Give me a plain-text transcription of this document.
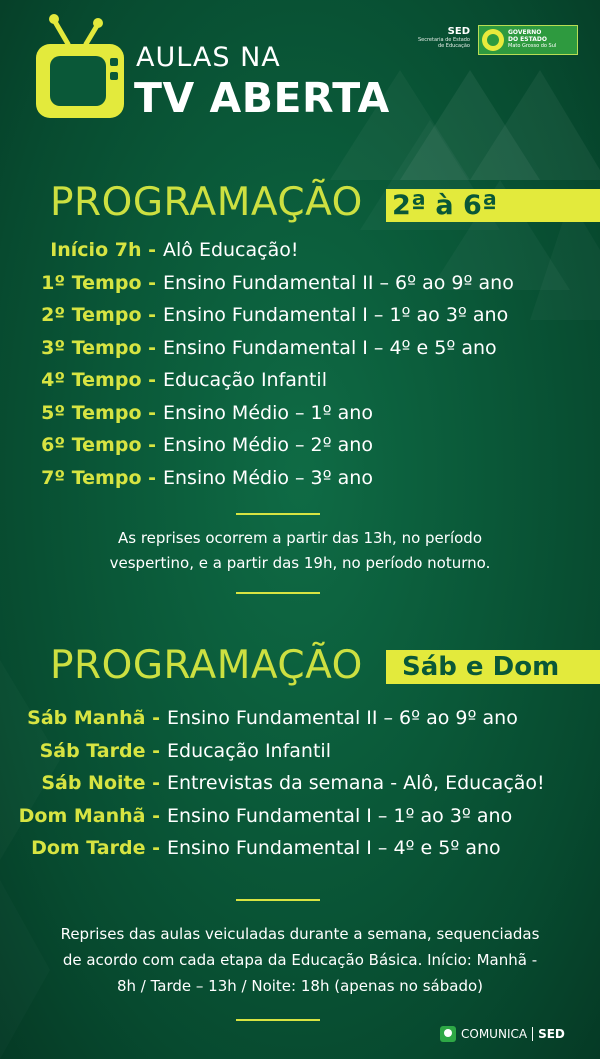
AULAS NA
TV ABERTA
SED
Secretaria de Estado
de Educação
GOVERNO
DO ESTADO
Mato Grosso do Sul
PROGRAMAÇÃO 2ª à 6ª
Início 7h - Alô Educação!
1º Tempo - Ensino Fundamental II – 6º ao 9º ano
2º Tempo - Ensino Fundamental I – 1º ao 3º ano
3º Tempo - Ensino Fundamental I – 4º e 5º ano
4º Tempo - Educação Infantil
5º Tempo - Ensino Médio – 1º ano
6º Tempo - Ensino Médio – 2º ano
7º Tempo - Ensino Médio – 3º ano
As reprises ocorrem a partir das 13h, no período
vespertino, e a partir das 19h, no período noturno.
PROGRAMAÇÃO	Sáb e Dom
Sáb Manhã - Ensino Fundamental II – 6º ao 9º ano
Sáb Tarde - Educação Infantil
Sáb Noite - Entrevistas da semana - Alô, Educação!
Dom Manhã - Ensino Fundamental I – 1º ao 3º ano
Dom Tarde - Ensino Fundamental I – 4º e 5º ano
Reprises das aulas veiculadas durante a semana, sequenciadas
de acordo com cada etapa da Educação Básica. Início: Manhã -
8h / Tarde – 13h / Noite: 18h (apenas no sábado)
COMUNICA SED
